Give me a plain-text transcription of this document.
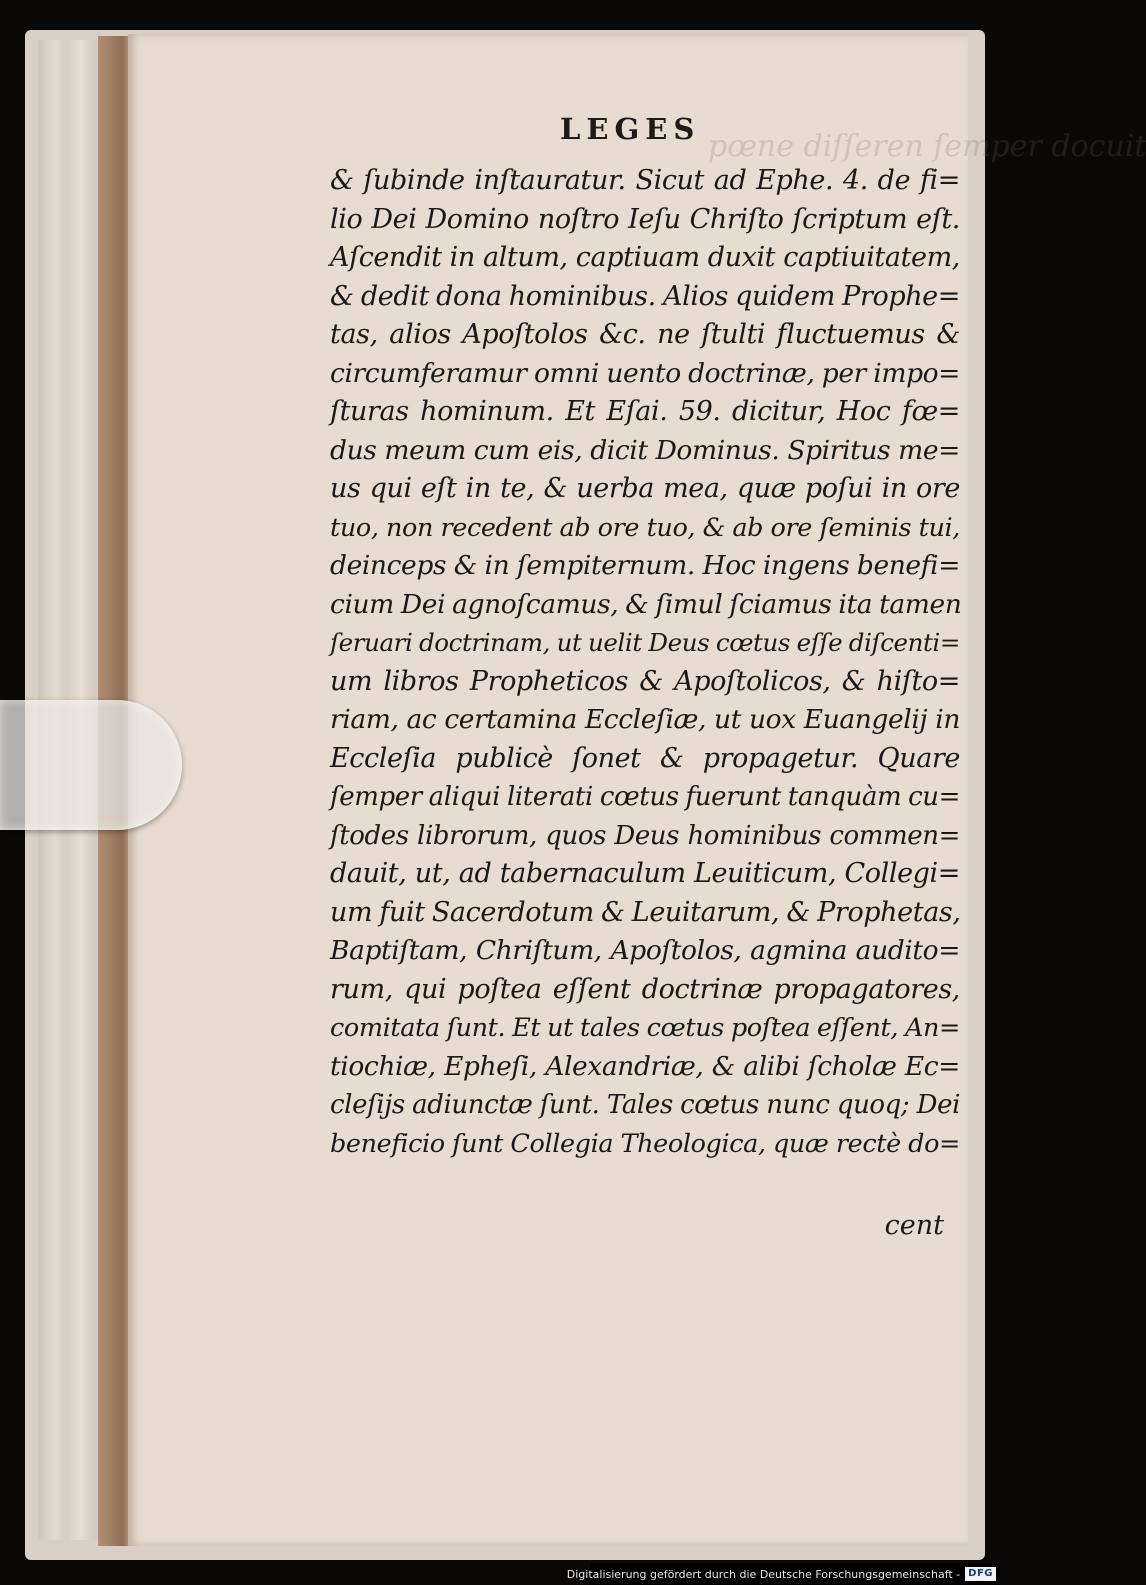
pœne diſſeren ſemper docuit
LEGES
& ſubinde inſtauratur. Sicut ad Ephe. 4. de fi=
lio Dei Domino noſtro Ieſu Chriſto ſcriptum eſt.
Aſcendit in altum, captiuam duxit captiuitatem,
& dedit dona hominibus. Alios quidem Prophe=
tas, alios Apoſtolos &c. ne ſtulti fluctuemus &
circumferamur omni uento doctrinæ, per impo=
ſturas hominum. Et Eſai. 59. dicitur, Hoc fœ=
dus meum cum eis, dicit Dominus. Spiritus me=
us qui eſt in te, & uerba mea, quæ poſui in ore
tuo, non recedent ab ore tuo, & ab ore ſeminis tui,
deinceps & in ſempiternum. Hoc ingens benefi=
cium Dei agnoſcamus, & ſimul ſciamus ita tamen
ſeruari doctrinam, ut uelit Deus cœtus eſſe diſcenti=
um libros Propheticos & Apoſtolicos, & hiſto=
riam, ac certamina Eccleſiæ, ut uox Euangelij in
Eccleſia publicè ſonet & propagetur. Quare
ſemper aliqui literati cœtus fuerunt tanquàm cu=
ſtodes librorum, quos Deus hominibus commen=
dauit, ut, ad tabernaculum Leuiticum, Collegi=
um fuit Sacerdotum & Leuitarum, & Prophetas,
Baptiſtam, Chriſtum, Apoſtolos, agmina audito=
rum, qui poſtea eſſent doctrinæ propagatores,
comitata ſunt. Et ut tales cœtus poſtea eſſent, An=
tiochiæ, Epheſi, Alexandriæ, & alibi ſcholæ Ec=
cleſijs adiunctæ ſunt. Tales cœtus nunc quoq; Dei
beneficio ſunt Collegia Theologica, quæ rectè do=
cent
Digitalisierung gefördert durch die Deutsche Forschungsgemeinschaft - DFG
